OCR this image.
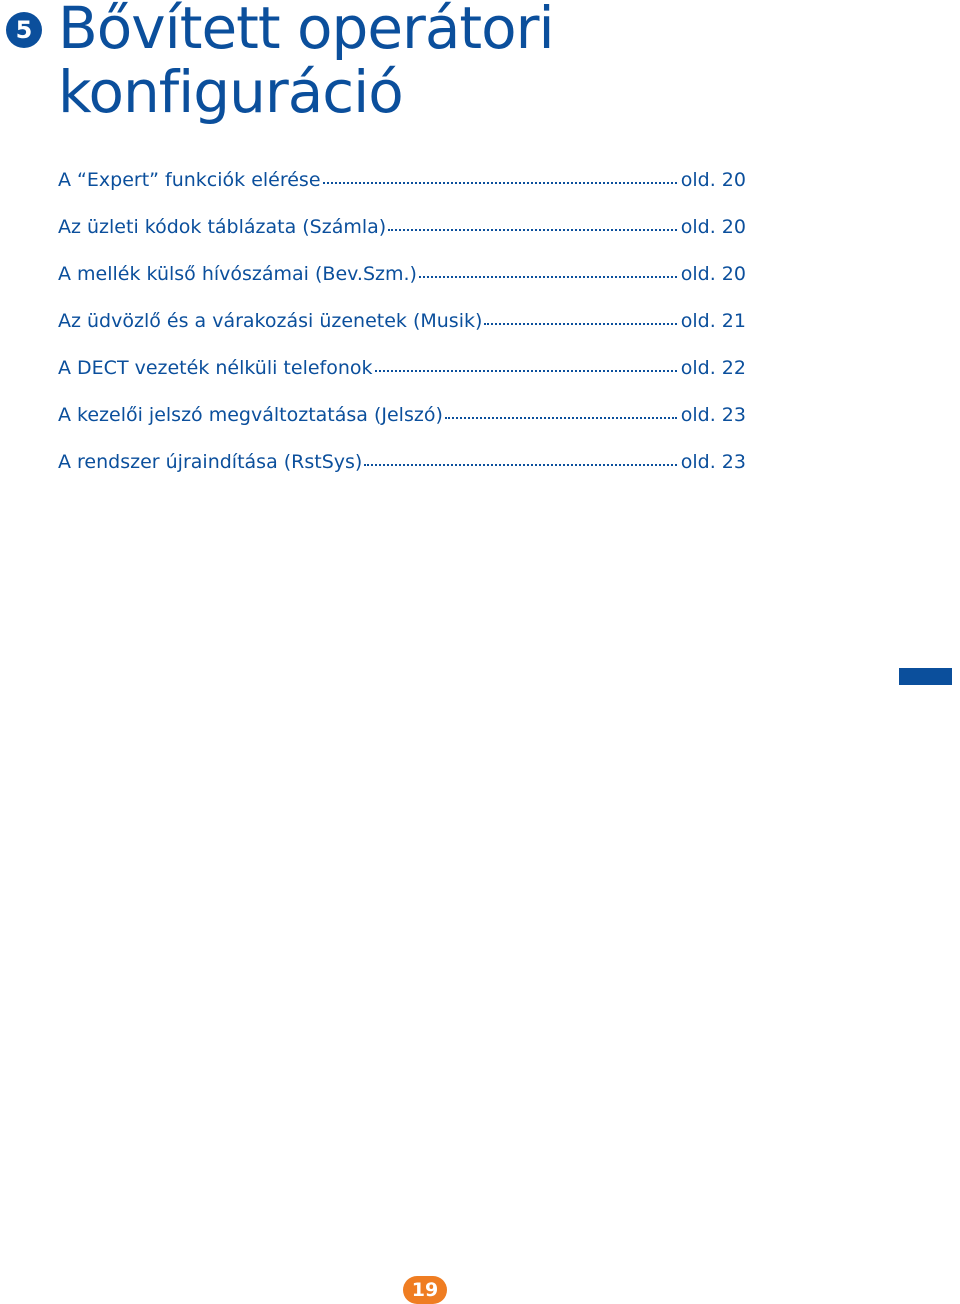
5 Bővített operátori
konfiguráció
A “Expert” funkciók elérése	old. 20
Az üzleti kódok táblázata (Számla)	old. 20
A mellék külső hívószámai (Bev.Szm.)	old. 20
Az üdvözlő és a várakozási üzenetek (Musik)	old. 21
A DECT vezeték nélküli telefonok	old. 22
A kezelői jelszó megváltoztatása (Jelszó)	old. 23
A rendszer újraindítása (RstSys)	old. 23
19
